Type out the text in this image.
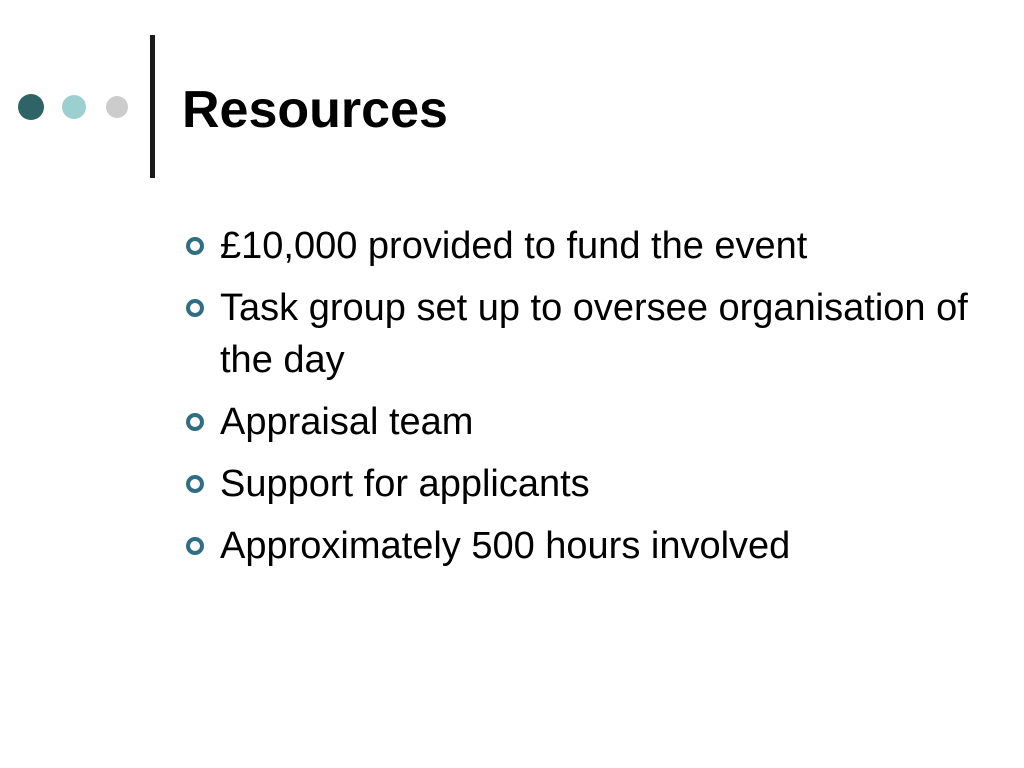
Resources
£10,000 provided to fund the event
Task group set up to oversee organisation of the day
Appraisal team
Support for applicants
Approximately 500 hours involved
